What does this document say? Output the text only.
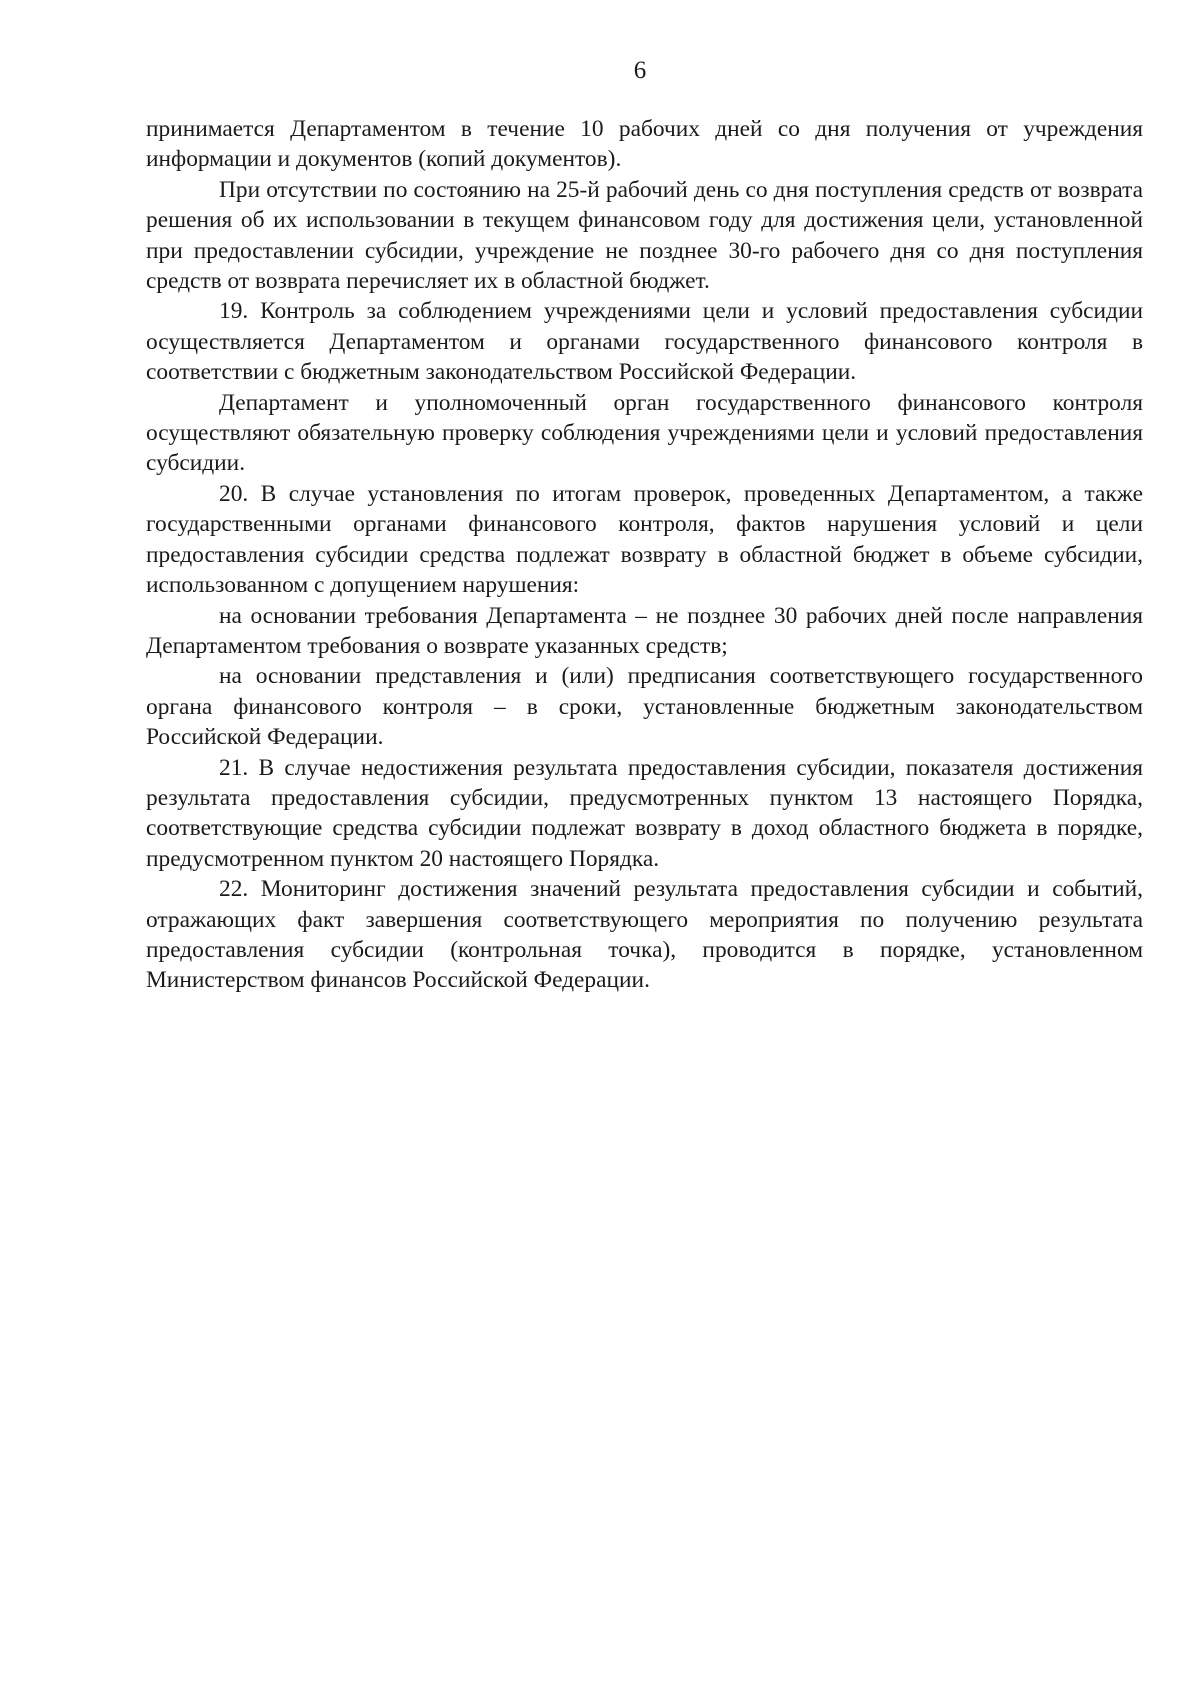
6

принимается Департаментом в течение 10 рабочих дней со дня получения от учреждения информации и документов (копий документов).

При отсутствии по состоянию на 25-й рабочий день со дня поступления средств от возврата решения об их использовании в текущем финансовом году для достижения цели, установленной при предоставлении субсидии, учреждение не позднее 30-го рабочего дня со дня поступления средств от возврата перечисляет их в областной бюджет.

19. Контроль за соблюдением учреждениями цели и условий предоставления субсидии осуществляется Департаментом и органами государственного финансового контроля в соответствии с бюджетным законодательством Российской Федерации.

Департамент и уполномоченный орган государственного финансового контроля осуществляют обязательную проверку соблюдения учреждениями цели и условий предоставления субсидии.

20. В случае установления по итогам проверок, проведенных Департаментом, а также государственными органами финансового контроля, фактов нарушения условий и цели предоставления субсидии средства подлежат возврату в областной бюджет в объеме субсидии, использованном с допущением нарушения:

на основании требования Департамента – не позднее 30 рабочих дней после направления Департаментом требования о возврате указанных средств;

на основании представления и (или) предписания соответствующего государственного органа финансового контроля – в сроки, установленные бюджетным законодательством Российской Федерации.

21. В случае недостижения результата предоставления субсидии, показателя достижения результата предоставления субсидии, предусмотренных пунктом 13 настоящего Порядка, соответствующие средства субсидии подлежат возврату в доход областного бюджета в порядке, предусмотренном пунктом 20 настоящего Порядка.

22. Мониторинг достижения значений результата предоставления субсидии и событий, отражающих факт завершения соответствующего мероприятия по получению результата предоставления субсидии (контрольная точка), проводится в порядке, установленном Министерством финансов Российской Федерации.
